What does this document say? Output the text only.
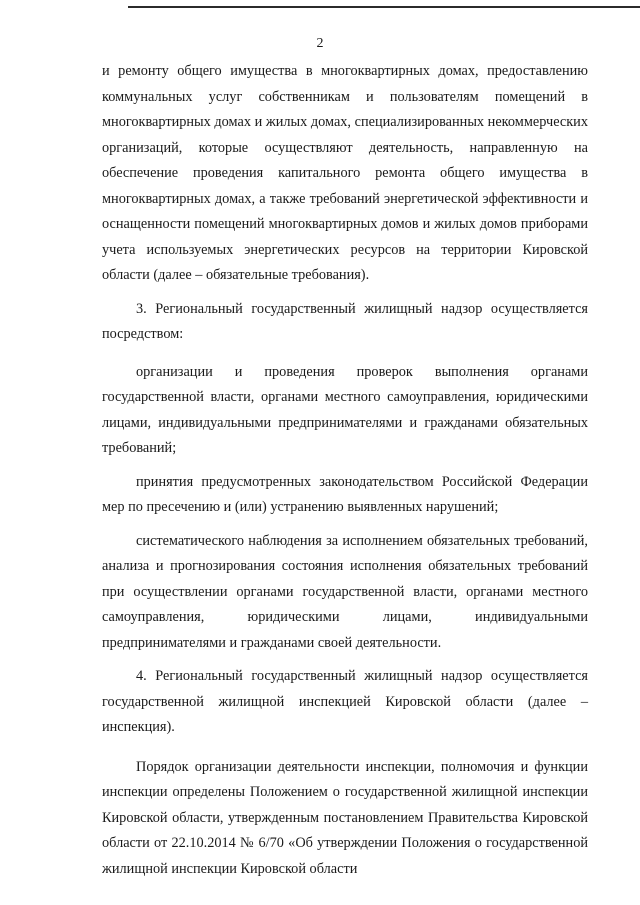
2

и ремонту общего имущества в многоквартирных домах, предоставлению коммунальных услуг собственникам и пользователям помещений в многоквартирных домах и жилых домах, специализированных некоммерческих организаций, которые осуществляют деятельность, направленную на обеспечение проведения капитального ремонта общего имущества в многоквартирных домах, а также требований энергетической эффективности и оснащенности помещений многоквартирных домов и жилых домов приборами учета используемых энергетических ресурсов на территории Кировской области (далее – обязательные требования).

3. Региональный государственный жилищный надзор осуществляется посредством:

организации и проведения проверок выполнения органами государственной власти, органами местного самоуправления, юридическими лицами, индивидуальными предпринимателями и гражданами обязательных требований;

принятия предусмотренных законодательством Российской Федерации мер по пресечению и (или) устранению выявленных нарушений;

систематического наблюдения за исполнением обязательных требований, анализа и прогнозирования состояния исполнения обязательных требований при осуществлении органами государственной власти, органами местного самоуправления, юридическими лицами, индивидуальными предпринимателями и гражданами своей деятельности.

4. Региональный государственный жилищный надзор осуществляется государственной жилищной инспекцией Кировской области (далее – инспекция).

Порядок организации деятельности инспекции, полномочия и функции инспекции определены Положением о государственной жилищной инспекции Кировской области, утвержденным постановлением Правительства Кировской области от 22.10.2014 № 6/70 «Об утверждении Положения о государственной жилищной инспекции Кировской области
